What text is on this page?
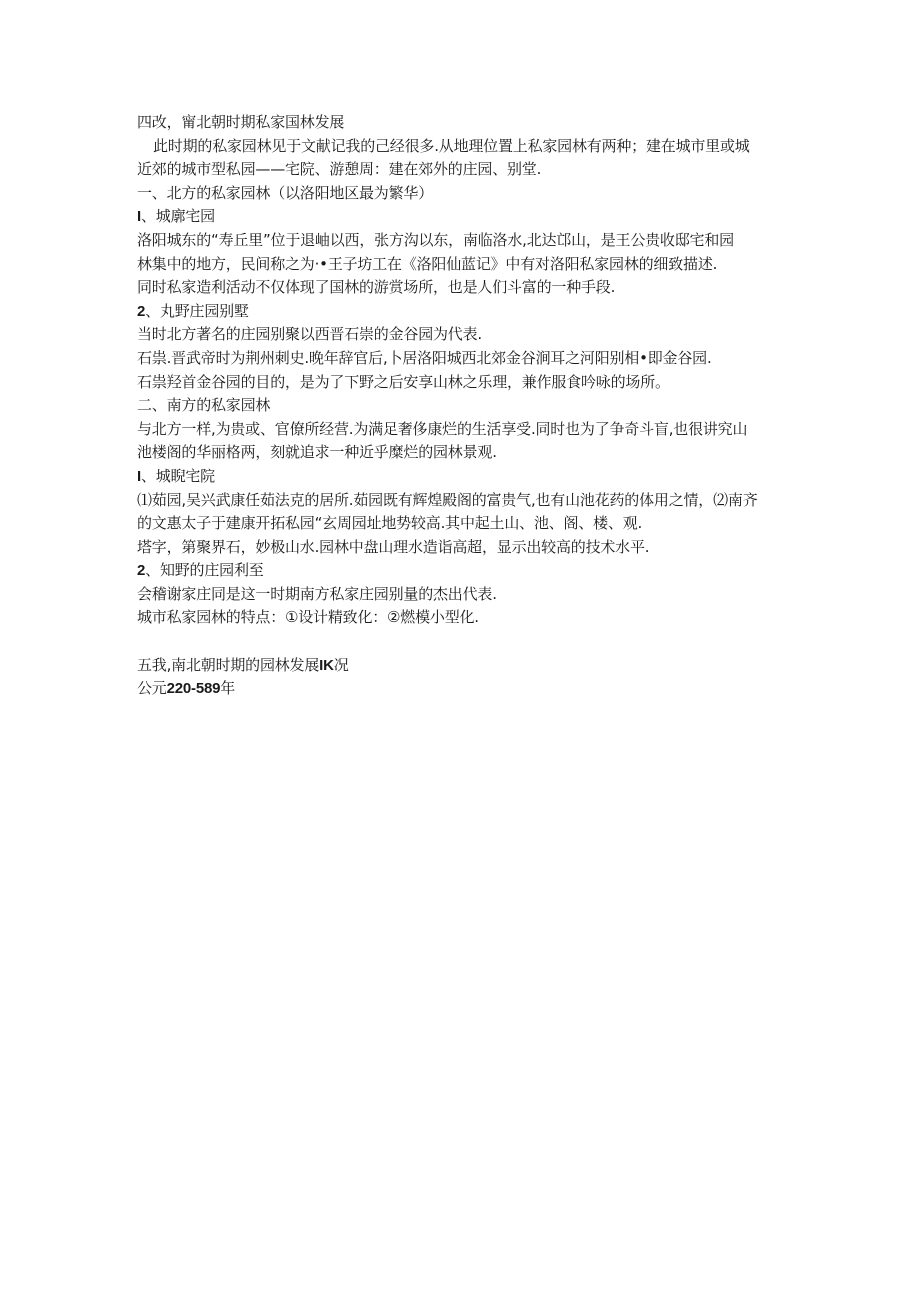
四改，甯北朝时期私家国林发展
此时期的私家园林见于文献记我的己经很多.从地理位置上私家园林有两种；建在城市里或城
近郊的城市型私园——宅院、游憩周：建在郊外的庄园、别堂.
一、北方的私家园林（以洛阳地区最为繁华）
I、城廓宅园
洛阳城东的“寿丘里”位于退岫以西，张方沟以东，南临洛水,北达邙山，是王公贵收邸宅和园
林集中的地方，民间称之为·•王子坊工在《洛阳仙蓝记》中有对洛阳私家园林的细致描述.
同时私家造利活动不仅体现了国林的游赏场所，也是人们斗富的一种手段.
2、丸野庄园别墅
当时北方著名的庄园别聚以西晋石崇的金谷园为代表.
石祟.晋武帝时为荆州刺史.晚年辞官后,卜居洛阳城西北郊金谷涧耳之河阳别相•即金谷园.
石祟羟首金谷园的目的，是为了下野之后安享山林之乐理，兼作服食吟咏的场所。
二、南方的私家园林
与北方一样,为贵或、官僚所经营.为满足奢侈康烂的生活享受.同时也为了争奇斗盲,也很讲究山
池楼阁的华丽格两，刻就追求一种近乎糜烂的园林景观.
I、城睨宅院
⑴茹园,吴兴武康任茹法克的居所.茹园既有辉煌殿阁的富贵气,也有山池花药的体用之情，⑵南齐
的文惠太子于建康开拓私园“玄周园址地势较高.其中起土山、池、阁、楼、观.
塔字，第聚界石，妙极山水.园林中盘山理水造诣高超，显示出较高的技术水平.
2、知野的庄园利至
会稽谢家庄同是这一时期南方私家庄园别量的杰出代表.
城市私家园林的特点：①设计精致化：②燃模小型化.
五我,南北朝时期的园林发展IK况
公元220-589年
